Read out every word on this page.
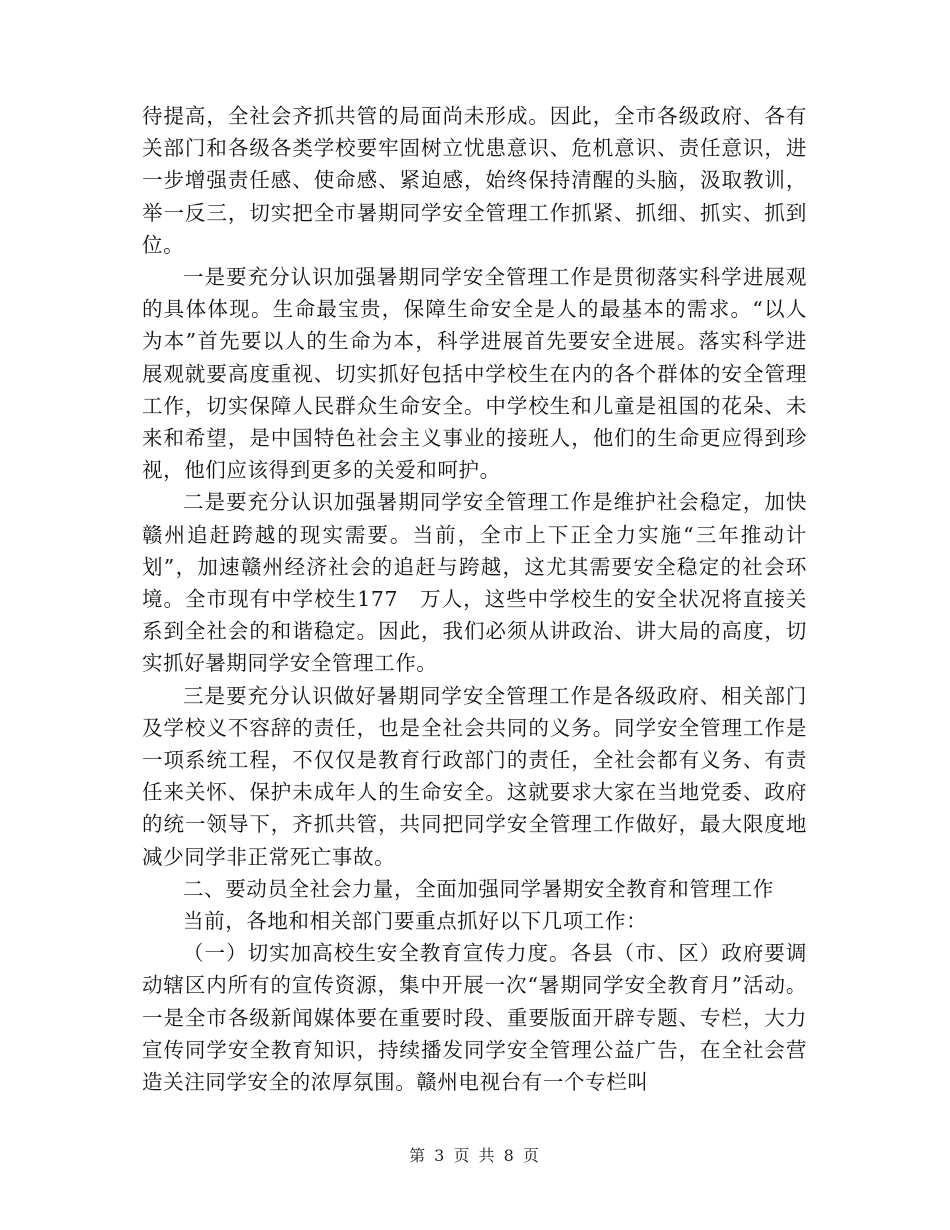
待提高，全社会齐抓共管的局面尚未形成。因此，全市各级政府、各有关部门和各级各类学校要牢固树立忧患意识、危机意识、责任意识，进一步增强责任感、使命感、紧迫感，始终保持清醒的头脑，汲取教训，举一反三，切实把全市暑期同学安全管理工作抓紧、抓细、抓实、抓到位。

一是要充分认识加强暑期同学安全管理工作是贯彻落实科学进展观的具体体现。生命最宝贵，保障生命安全是人的最基本的需求。“以人为本”首先要以人的生命为本，科学进展首先要安全进展。落实科学进展观就要高度重视、切实抓好包括中学校生在内的各个群体的安全管理工作，切实保障人民群众生命安全。中学校生和儿童是祖国的花朵、未来和希望，是中国特色社会主义事业的接班人，他们的生命更应得到珍视，他们应该得到更多的关爱和呵护。

二是要充分认识加强暑期同学安全管理工作是维护社会稳定，加快赣州追赶跨越的现实需要。当前，全市上下正全力实施“三年推动计划”，加速赣州经济社会的追赶与跨越，这尤其需要安全稳定的社会环境。全市现有中学校生177　万人，这些中学校生的安全状况将直接关系到全社会的和谐稳定。因此，我们必须从讲政治、讲大局的高度，切实抓好暑期同学安全管理工作。

三是要充分认识做好暑期同学安全管理工作是各级政府、相关部门及学校义不容辞的责任，也是全社会共同的义务。同学安全管理工作是一项系统工程，不仅仅是教育行政部门的责任，全社会都有义务、有责任来关怀、保护未成年人的生命安全。这就要求大家在当地党委、政府的统一领导下，齐抓共管，共同把同学安全管理工作做好，最大限度地减少同学非正常死亡事故。

二、要动员全社会力量，全面加强同学暑期安全教育和管理工作

当前，各地和相关部门要重点抓好以下几项工作：

（一）切实加高校生安全教育宣传力度。各县（市、区）政府要调动辖区内所有的宣传资源，集中开展一次“暑期同学安全教育月”活动。一是全市各级新闻媒体要在重要时段、重要版面开辟专题、专栏，大力宣传同学安全教育知识，持续播发同学安全管理公益广告，在全社会营造关注同学安全的浓厚氛围。赣州电视台有一个专栏叫

第 3 页 共 8 页
